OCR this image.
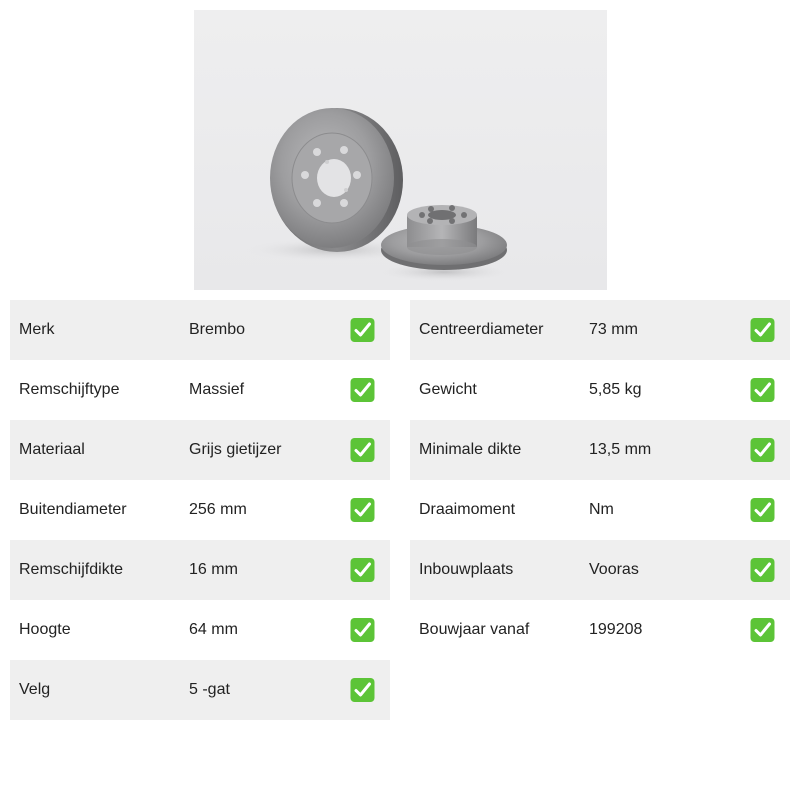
Merk	Brembo
Remschijftype	Massief
Materiaal	Grijs gietijzer
Buitendiameter	256 mm
Remschijfdikte	16 mm
Hoogte	64 mm
Velg	5 -gat
Centreerdiameter	73 mm
Gewicht	5,85 kg
Minimale dikte	13,5 mm
Draaimoment	Nm
Inbouwplaats	Vooras
Bouwjaar vanaf	199208
